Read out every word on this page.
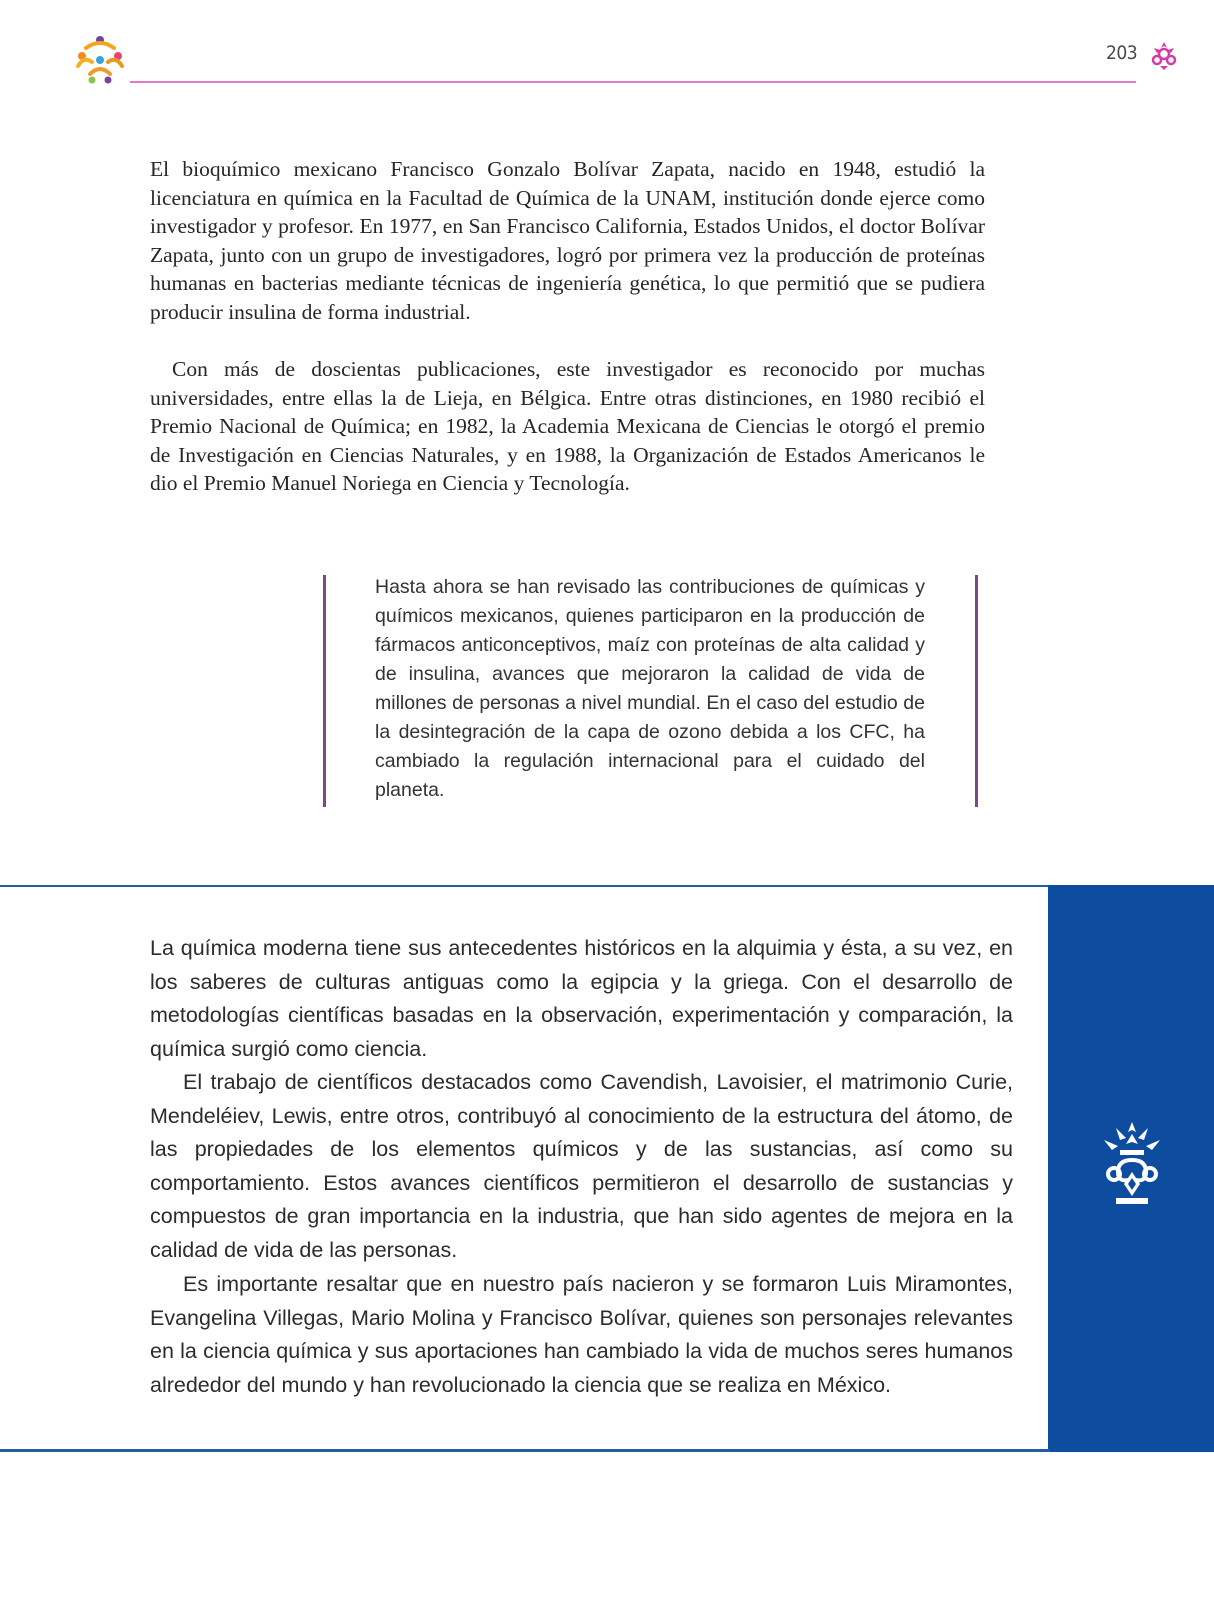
203

El bioquímico mexicano Francisco Gonzalo Bolívar Zapata, nacido en 1948, estudió la licenciatura en química en la Facultad de Química de la UNAM, institución donde ejerce como investigador y profesor. En 1977, en San Francisco California, Estados Unidos, el doctor Bolívar Zapata, junto con un grupo de investigadores, logró por primera vez la producción de proteínas humanas en bacterias mediante técnicas de ingeniería genética, lo que permitió que se pudiera producir insulina de forma industrial.

Con más de doscientas publicaciones, este investigador es reconocido por muchas universidades, entre ellas la de Lieja, en Bélgica. Entre otras distinciones, en 1980 recibió el Premio Nacional de Química; en 1982, la Academia Mexicana de Ciencias le otorgó el premio de Investigación en Ciencias Naturales, y en 1988, la Organización de Estados Americanos le dio el Premio Manuel Noriega en Ciencia y Tecnología.

Hasta ahora se han revisado las contribuciones de químicas y químicos mexicanos, quienes participaron en la producción de fármacos anticonceptivos, maíz con proteínas de alta calidad y de insulina, avances que mejoraron la calidad de vida de millones de personas a nivel mundial. En el caso del estudio de la desintegración de la capa de ozono debida a los CFC, ha cambiado la regulación internacional para el cuidado del planeta.

La química moderna tiene sus antecedentes históricos en la alquimia y ésta, a su vez, en los saberes de culturas antiguas como la egipcia y la griega. Con el desarrollo de metodologías científicas basadas en la observación, experimentación y comparación, la química surgió como ciencia.

El trabajo de científicos destacados como Cavendish, Lavoisier, el matrimonio Curie, Mendeléiev, Lewis, entre otros, contribuyó al conocimiento de la estructura del átomo, de las propiedades de los elementos químicos y de las sustancias, así como su comportamiento. Estos avances científicos permitieron el desarrollo de sustancias y compuestos de gran importancia en la industria, que han sido agentes de mejora en la calidad de vida de las personas.

Es importante resaltar que en nuestro país nacieron y se formaron Luis Miramontes, Evangelina Villegas, Mario Molina y Francisco Bolívar, quienes son personajes relevantes en la ciencia química y sus aportaciones han cambiado la vida de muchos seres humanos alrededor del mundo y han revolucionado la ciencia que se realiza en México.
